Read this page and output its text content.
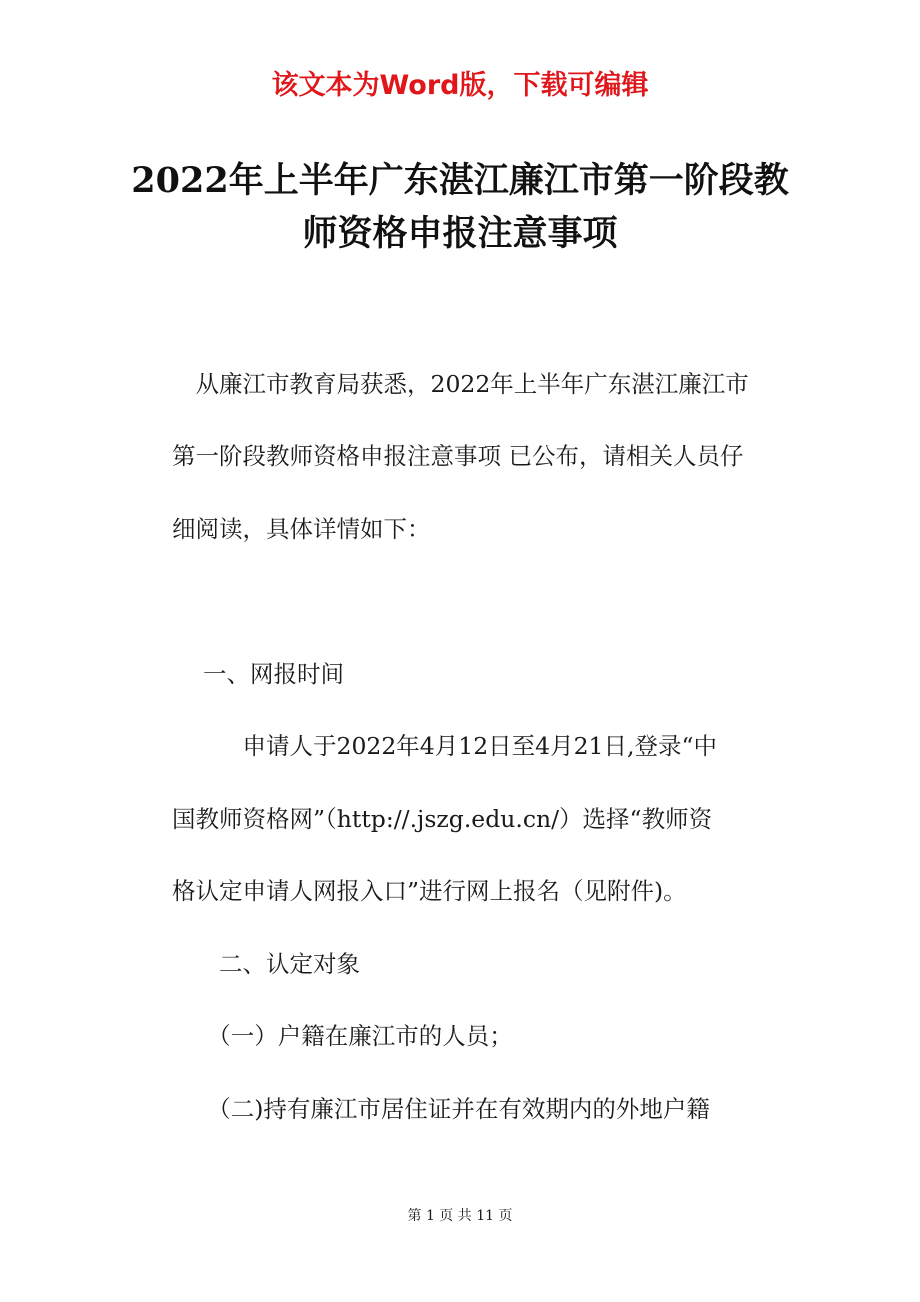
该文本为Word版，下载可编辑
2022年上半年广东湛江廉江市第一阶段教
师资格申报注意事项
　从廉江市教育局获悉，2022年上半年广东湛江廉江市
第一阶段教师资格申报注意事项 已公布，请相关人员仔
细阅读，具体详情如下：
　 一、网报时间
　　　申请人于2022年4月12日至4月21日,登录“中
国教师资格网”（http://.jszg.edu.cn/）选择“教师资
格认定申请人网报入口”进行网上报名（见附件)。
　　二、认定对象
　　（一）户籍在廉江市的人员；
　　（二)持有廉江市居住证并在有效期内的外地户籍
第 1 页 共 11 页
